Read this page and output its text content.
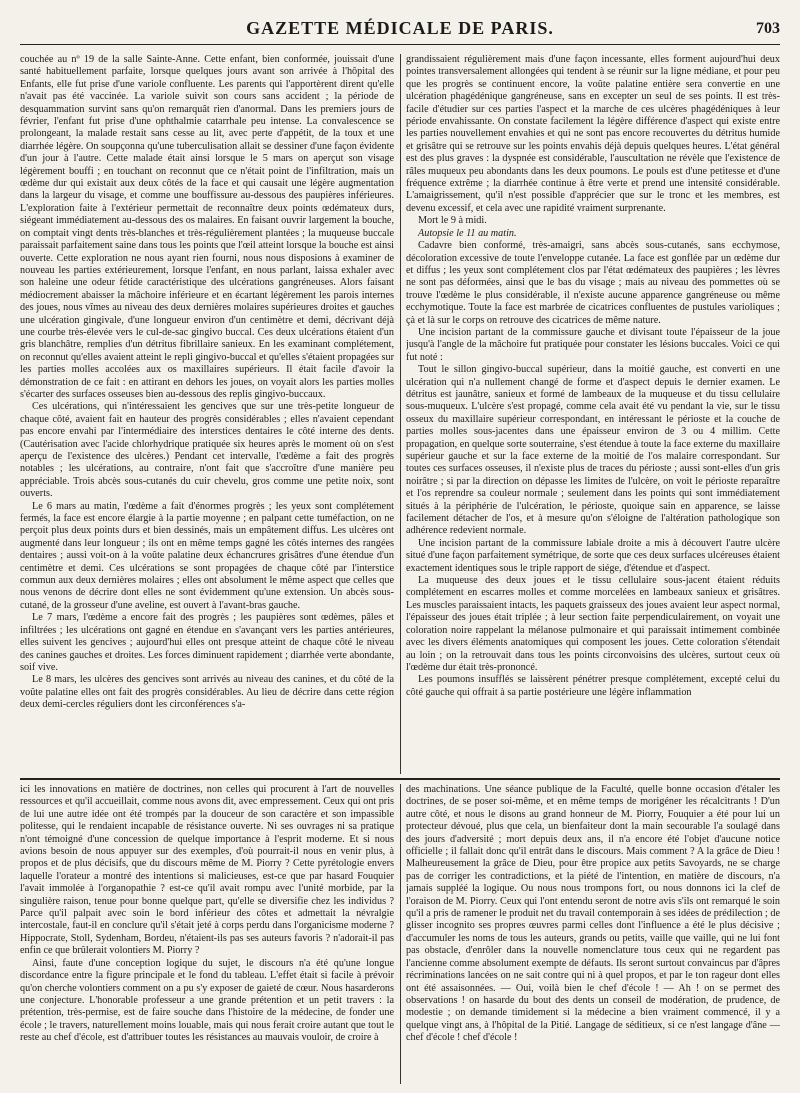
GAZETTE MÉDICALE DE PARIS.	703

couchée au nº 19 de la salle Sainte-Anne. Cette enfant, bien conformée, jouissait d'une santé habituellement parfaite, lorsque quelques jours avant son arrivée à l'hôpital des Enfants, elle fut prise d'une variole confluente. Les parents qui l'apportèrent dirent qu'elle n'avait pas été vaccinée. La variole suivit son cours sans accident ; la période de desquammation survint sans qu'on remarquât rien d'anormal. Dans les premiers jours de février, l'enfant fut prise d'une ophthalmie catarrhale peu intense. La convalescence se prolongeant, la malade restait sans cesse au lit, avec perte d'appétit, de la toux et une diarrhée légère. On soupçonna qu'une tuberculisation allait se dessiner d'une façon évidente d'un jour à l'autre. Cette malade était ainsi lorsque le 5 mars on aperçut son visage légèrement bouffi ; en touchant on reconnut que ce n'était point de l'infiltration, mais un œdème dur qui existait aux deux côtés de la face et qui causait une légère augmentation dans la largeur du visage, et comme une bouffissure au-dessous des paupières inférieures. L'exploration faite à l'extérieur permettait de reconnaître deux points œdémateux durs, siégeant immédiatement au-dessous des os malaires. En faisant ouvrir largement la bouche, on comptait vingt dents très-blanches et très-régulièrement plantées ; la muqueuse buccale paraissait parfaitement saine dans tous les points que l'œil atteint lorsque la bouche est ainsi ouverte. Cette exploration ne nous ayant rien fourni, nous nous disposions à examiner de nouveau les parties extérieurement, lorsque l'enfant, en nous parlant, laissa exhaler avec son haleine une odeur fétide caractéristique des ulcérations gangréneuses. Alors faisant médiocrement abaisser la mâchoire inférieure et en écartant légèrement les parois internes des joues, nous vîmes au niveau des deux dernières molaires supérieures droites et gauches une ulcération gingivale, d'une longueur environ d'un centimètre et demi, décrivant déjà une courbe très-élevée vers le cul-de-sac gingivo buccal. Ces deux ulcérations étaient d'un gris blanchâtre, remplies d'un détritus fibrillaire sanieux. En les examinant complétement, on reconnut qu'elles avaient atteint le repli gingivo-buccal et qu'elles s'étaient propagées sur les parties molles accolées aux os maxillaires supérieurs. Il était facile d'avoir la démonstration de ce fait : en attirant en dehors les joues, on voyait alors les parties molles s'écarter des surfaces osseuses bien au-dessous des replis gingivo-buccaux.

Ces ulcérations, qui n'intéressaient les gencives que sur une très-petite longueur de chaque côté, avaient fait en hauteur des progrès considérables ; elles n'avaient cependant pas encore envahi par l'intermédiaire des interstices dentaires le côté interne des dents. (Cautérisation avec l'acide chlorhydrique pratiquée six heures après le moment où on s'est aperçu de l'existence des ulcères.) Pendant cet intervalle, l'œdème a fait des progrès notables ; les ulcérations, au contraire, n'ont fait que s'accroître d'une manière peu appréciable. Trois abcès sous-cutanés du cuir chevelu, gros comme une petite noix, sont ouverts.

Le 6 mars au matin, l'œdème a fait d'énormes progrès ; les yeux sont complétement fermés, la face est encore élargie à la partie moyenne ; en palpant cette tuméfaction, on ne perçoit plus deux points durs et bien dessinés, mais un empâtement diffus. Les ulcères ont augmenté dans leur longueur ; ils ont en même temps gagné les côtés internes des rangées dentaires ; aussi voit-on à la voûte palatine deux échancrures grisâtres d'une étendue d'un centimètre et demi. Ces ulcérations se sont propagées de chaque côté par l'interstice commun aux deux dernières molaires ; elles ont absolument le même aspect que celles que nous venons de décrire dont elles ne sont évidemment qu'une extension. Un abcès sous-cutané, de la grosseur d'une aveline, est ouvert à l'avant-bras gauche.

Le 7 mars, l'œdème a encore fait des progrès ; les paupières sont œdèmes, pâles et infiltrées ; les ulcérations ont gagné en étendue en s'avançant vers les parties antérieures, elles suivent les gencives ; aujourd'hui elles ont presque atteint de chaque côté le niveau des canines gauches et droites. Les forces diminuent rapidement ; diarrhée verte abondante, soif vive.

Le 8 mars, les ulcères des gencives sont arrivés au niveau des canines, et du côté de la voûte palatine elles ont fait des progrès considérables. Au lieu de décrire dans cette région deux demi-cercles réguliers dont les circonférences s'a-

grandissaient régulièrement mais d'une façon incessante, elles forment aujourd'hui deux pointes transversalement allongées qui tendent à se réunir sur la ligne médiane, et pour peu que les progrès se continuent encore, la voûte palatine entière sera convertie en une ulcération phagédénique gangréneuse, sans en excepter un seul de ses points. Il est très-facile d'étudier sur ces parties l'aspect et la marche de ces ulcères phagédéniques à leur période envahissante. On constate facilement la légère différence d'aspect qui existe entre les parties nouvellement envahies et qui ne sont pas encore recouvertes du détritus humide et grisâtre qui se retrouve sur les points envahis déjà depuis quelques heures. L'état général est des plus graves : la dyspnée est considérable, l'auscultation ne révèle que l'existence de râles muqueux peu abondants dans les deux poumons. Le pouls est d'une petitesse et d'une fréquence extrême ; la diarrhée continue à être verte et prend une intensité considérable. L'amaigrissement, qu'il n'est possible d'apprécier que sur le tronc et les membres, est devenu excessif, et cela avec une rapidité vraiment surprenante.

Mort le 9 à midi.

Autopsie le 11 au matin.

Cadavre bien conformé, très-amaigri, sans abcès sous-cutanés, sans ecchymose, décoloration excessive de toute l'enveloppe cutanée. La face est gonflée par un œdème dur et diffus ; les yeux sont complétement clos par l'état œdémateux des paupières ; les lèvres ne sont pas déformées, ainsi que le bas du visage ; mais au niveau des pommettes où se trouve l'œdème le plus considérable, il n'existe aucune apparence gangréneuse ou même ecchymotique. Toute la face est marbrée de cicatrices confluentes de pustules varioliques ; çà et là sur le corps on retrouve des cicatrices de même nature.

Une incision partant de la commissure gauche et divisant toute l'épaisseur de la joue jusqu'à l'angle de la mâchoire fut pratiquée pour constater les lésions buccales. Voici ce qui fut noté :

Tout le sillon gingivo-buccal supérieur, dans la moitié gauche, est converti en une ulcération qui n'a nullement changé de forme et d'aspect depuis le dernier examen. Le détritus est jaunâtre, sanieux et formé de lambeaux de la muqueuse et du tissu cellulaire sous-muqueux. L'ulcère s'est propagé, comme cela avait été vu pendant la vie, sur le tissu osseux du maxillaire supérieur correspondant, en intéressant le périoste et la couche de parties molles sous-jacentes dans une épaisseur environ de 3 ou 4 millim. Cette propagation, en quelque sorte souterraine, s'est étendue à toute la face externe du maxillaire supérieur gauche et sur la face externe de la moitié de l'os malaire correspondant. Sur toutes ces surfaces osseuses, il n'existe plus de traces du périoste ; aussi sont-elles d'un gris noirâtre ; si par la direction on dépasse les limites de l'ulcère, on voit le périoste reparaître et l'os reprendre sa couleur normale ; seulement dans les points qui sont immédiatement situés à la périphérie de l'ulcération, le périoste, quoique sain en apparence, se laisse facilement détacher de l'os, et à mesure qu'on s'éloigne de l'altération pathologique son adhérence redevient normale.

Une incision partant de la commissure labiale droite a mis à découvert l'autre ulcère situé d'une façon parfaitement symétrique, de sorte que ces deux surfaces ulcéreuses étaient exactement identiques sous le triple rapport de siége, d'étendue et d'aspect.

La muqueuse des deux joues et le tissu cellulaire sous-jacent étaient réduits complétement en escarres molles et comme morcelées en lambeaux sanieux et grisâtres. Les muscles paraissaient intacts, les paquets graisseux des joues avaient leur aspect normal, l'épaisseur des joues était triplée ; à leur section faite perpendiculairement, on voyait une coloration noire rappelant la mélanose pulmonaire et qui paraissait intimement combinée avec les divers éléments anatomiques qui composent les joues. Cette coloration s'étendait au loin ; on la retrouvait dans tous les points circonvoisins des ulcères, surtout ceux où l'œdème dur était très-prononcé.

Les poumons insufflés se laissèrent pénétrer presque complétement, excepté celui du côté gauche qui offrait à sa partie postérieure une légère inflammation

ici les innovations en matière de doctrines, non celles qui procurent à l'art de nouvelles ressources et qu'il accueillait, comme nous avons dit, avec empressement. Ceux qui ont pris de lui une autre idée ont été trompés par la douceur de son caractère et son impassible politesse, qui le rendaient incapable de résistance ouverte. Ni ses ouvrages ni sa pratique n'ont témoigné d'une concession de quelque importance à l'esprit moderne. Et si nous avions besoin de nous appuyer sur des exemples, d'où pourrait-il nous en venir plus, à propos et de plus décisifs, que du discours même de M. Piorry ? Cette pyrétologie envers laquelle l'orateur a montré des intentions si malicieuses, est-ce que par hasard Fouquier l'avait immolée à l'organopathie ? est-ce qu'il avait rompu avec l'unité morbide, par la singulière raison, tenue pour bonne quelque part, qu'elle se diversifie chez les individus ? Parce qu'il palpait avec soin le bord inférieur des côtes et admettait la névralgie intercostale, faut-il en conclure qu'il s'était jeté à corps perdu dans l'organicisme moderne ? Hippocrate, Stoll, Sydenham, Bordeu, n'étaient-ils pas ses auteurs favoris ? n'adorait-il pas enfin ce que brûlerait volontiers M. Piorry ?

Ainsi, faute d'une conception logique du sujet, le discours n'a été qu'une longue discordance entre la figure principale et le fond du tableau. L'effet était si facile à prévoir qu'on cherche volontiers comment on a pu s'y exposer de gaieté de cœur. Nous hasarderons une conjecture. L'honorable professeur a une grande prétention et un petit travers : la prétention, très-permise, est de faire souche dans l'histoire de la médecine, de fonder une école ; le travers, naturellement moins louable, mais qui nous ferait croire autant que tout le reste au chef d'école, est d'attribuer toutes les résistances au mauvais vouloir, de croire à

des machinations. Une séance publique de la Faculté, quelle bonne occasion d'étaler les doctrines, de se poser soi-même, et en même temps de morigéner les récalcitrants ! D'un autre côté, et nous le disons au grand honneur de M. Piorry, Fouquier a été pour lui un protecteur dévoué, plus que cela, un bienfaiteur dont la main secourable l'a soulagé dans des jours d'adversité ; mort depuis deux ans, il n'a encore été l'objet d'aucune notice officielle ; il fallait donc qu'il entrât dans le discours. Mais comment ? A la grâce de Dieu ! Malheureusement la grâce de Dieu, pour être propice aux petits Savoyards, ne se charge pas de corriger les contradictions, et la piété de l'intention, en matière de discours, n'a jamais suppléé la logique. Ou nous nous trompons fort, ou nous donnons ici la clef de l'oraison de M. Piorry. Ceux qui l'ont entendu seront de notre avis s'ils ont remarqué le soin qu'il a pris de ramener le produit net du travail contemporain à ses idées de prédilection ; de glisser incognito ses propres œuvres parmi celles dont l'influence a été le plus décisive ; d'accumuler les noms de tous les auteurs, grands ou petits, vaille que vaille, qui ne lui font pas obstacle, d'enrôler dans la nouvelle nomenclature tous ceux qui ne regardent pas l'ancienne comme absolument exempte de défauts. Ils seront surtout convaincus par d'âpres récriminations lancées on ne sait contre qui ni à quel propos, et par le ton rageur dont elles ont été assaisonnées. — Oui, voilà bien le chef d'école ! — Ah ! on se permet des observations ! on hasarde du bout des dents un conseil de modération, de prudence, de modestie ; on demande timidement si la médecine a bien vraiment commencé, il y a quelque vingt ans, à l'hôpital de la Pitié. Langage de séditieux, si ce n'est langage d'âne — chef d'école ! chef d'école !
